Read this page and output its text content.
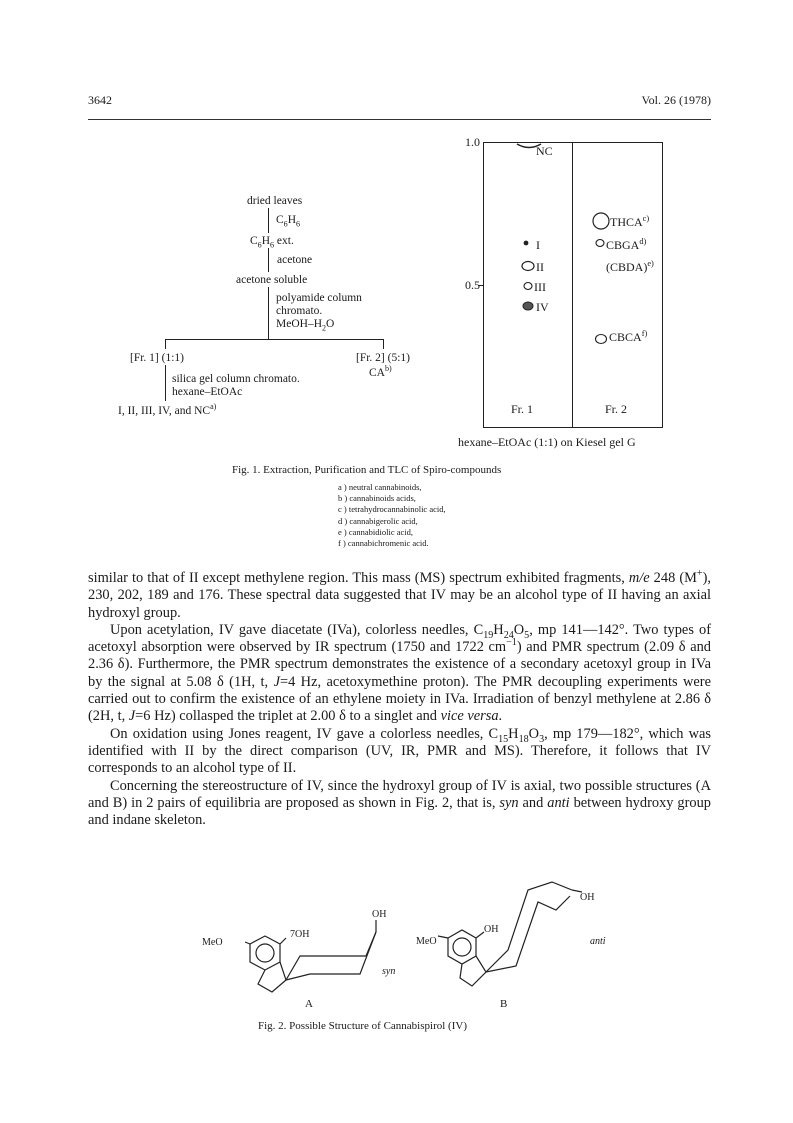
3642	Vol. 26 (1978)
dried leaves
$C_6H_6$
$C_6H_6$ ext.
acetone
acetone soluble
polyamide column
chromato.
MeOH–$H_2O$
[Fr. 1] (1:1)	[Fr. 2] (5:1)
CA$^{b)}$
silica gel column chromato.
hexane–EtOAc
I, II, III, IV, and NC$^{a)}$
1.0
0.5
NC
I
II
III
IV
THCA$^{c)}$
CBGA$^{d)}$
(CBDA)$^{e)}$
CBCA$^{f)}$
Fr. 1	Fr. 2
hexane–EtOAc (1:1) on Kiesel gel G
Fig. 1. Extraction, Purification and TLC of Spiro-compounds
a ) neutral cannabinoids,
b ) cannabinoids acids,
c ) tetrahydrocannabinolic acid,
d ) cannabigerolic acid,
e ) cannabidiolic acid,
f ) cannabichromenic acid.

similar to that of II except methylene region. This mass (MS) spectrum exhibited fragments, m/e 248 (M+), 230, 202, 189 and 176. These spectral data suggested that IV may be an alcohol type of II having an axial hydroxyl group.

Upon acetylation, IV gave diacetate (IVa), colorless needles, $C_{19}H_{24}O_5$, mp 141—142°. Two types of acetoxyl absorption were observed by IR spectrum (1750 and 1722 $cm^{-1}$) and PMR spectrum (2.09 δ and 2.36 δ). Furthermore, the PMR spectrum demonstrates the existence of a secondary acetoxyl group in IVa by the signal at 5.08 δ (1H, t, J=4 Hz, acetoxymethine proton). The PMR decoupling experiments were carried out to confirm the existence of an ethylene moiety in IVa. Irradiation of benzyl methylene at 2.86 δ (2H, t, J=6 Hz) collasped the triplet at 2.00 δ to a singlet and vice versa.

On oxidation using Jones reagent, IV gave a colorless needles, $C_{15}H_{18}O_3$, mp 179—182°, which was identified with II by the direct comparison (UV, IR, PMR and MS). Therefore, it follows that IV corresponds to an alcohol type of II.

Concerning the stereostructure of IV, since the hydroxyl group of IV is axial, two possible structures (A and B) in 2 pairs of equilibria are proposed as shown in Fig. 2, that is, syn and anti between hydroxy group and indane skeleton.

MeO
7OH
OH
syn
A
MeO
OH
OH
anti
B
Fig. 2. Possible Structure of Cannabispirol (IV)
